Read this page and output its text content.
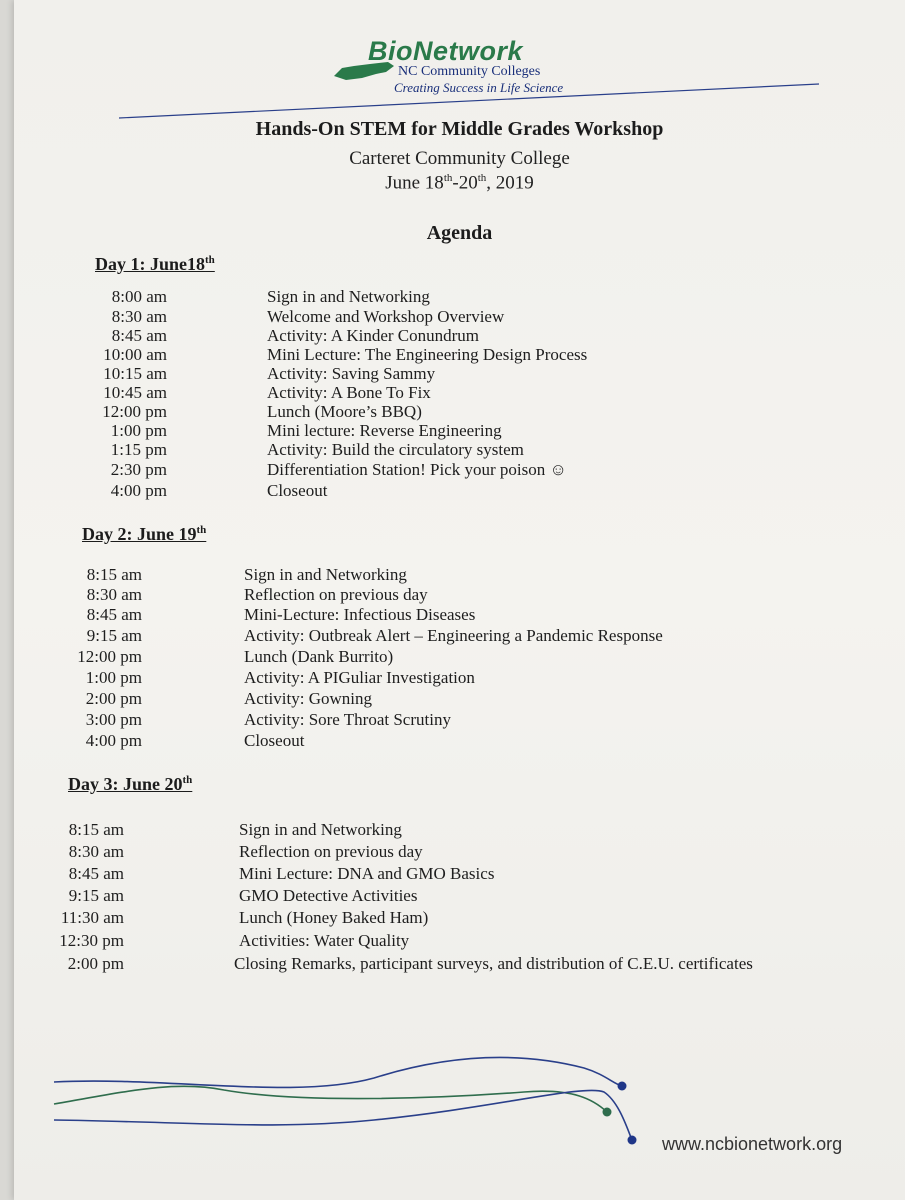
BioNetwork
NC Community Colleges
Creating Success in Life Science
Hands-On STEM for Middle Grades Workshop
Carteret Community College
June 18th-20th, 2019
Agenda
Day 1: June18th
8:00 am	Sign in and Networking
8:30 am	Welcome and Workshop Overview
8:45 am	Activity: A Kinder Conundrum
10:00 am	Mini Lecture: The Engineering Design Process
10:15 am	Activity: Saving Sammy
10:45 am	Activity: A Bone To Fix
12:00 pm	Lunch (Moore’s BBQ)
1:00 pm	Mini lecture: Reverse Engineering
1:15 pm	Activity: Build the circulatory system
2:30 pm	Differentiation Station! Pick your poison ☺
4:00 pm	Closeout
Day 2: June 19th
8:15 am	Sign in and Networking
8:30 am	Reflection on previous day
8:45 am	Mini-Lecture: Infectious Diseases
9:15 am	Activity: Outbreak Alert – Engineering a Pandemic Response
12:00 pm	Lunch (Dank Burrito)
1:00 pm	Activity: A PIGuliar Investigation
2:00 pm	Activity: Gowning
3:00 pm	Activity: Sore Throat Scrutiny
4:00 pm	Closeout
Day 3: June 20th
8:15 am	Sign in and Networking
8:30 am	Reflection on previous day
8:45 am	Mini Lecture: DNA and GMO Basics
9:15 am	GMO Detective Activities
11:30 am	Lunch (Honey Baked Ham)
12:30 pm	Activities: Water Quality
2:00 pm	Closing Remarks, participant surveys, and distribution of C.E.U. certificates
www.ncbionetwork.org
